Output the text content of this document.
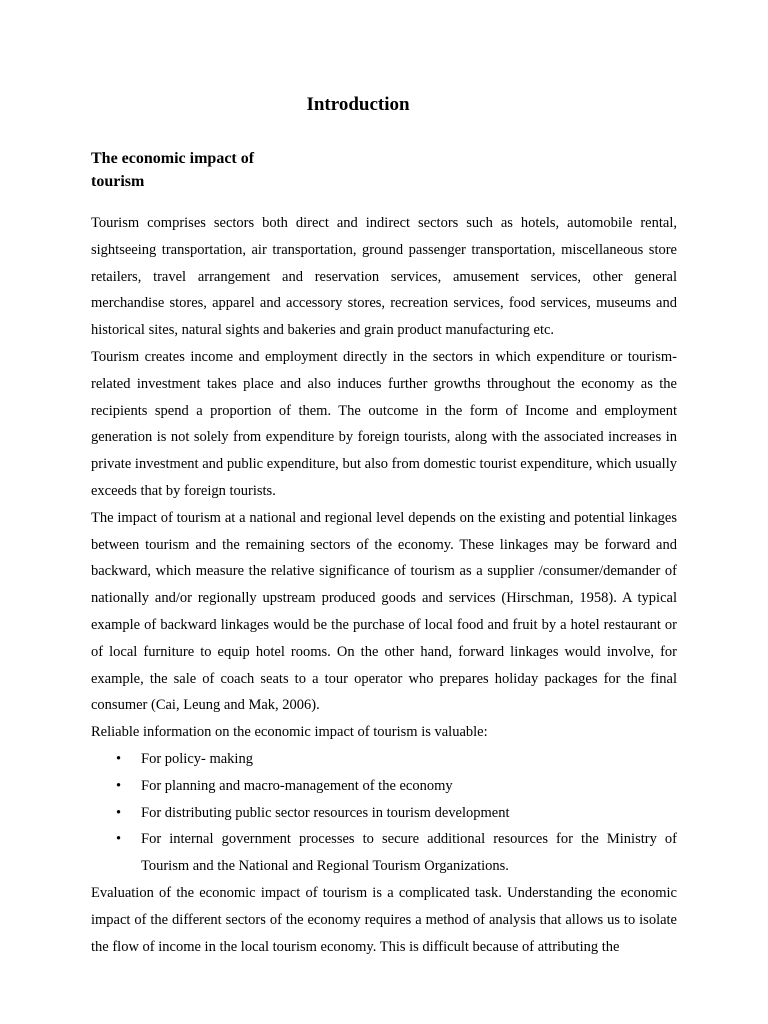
Introduction
The economic impact of tourism

Tourism comprises sectors both direct and indirect sectors such as hotels, automobile rental, sightseeing transportation, air transportation, ground passenger transportation, miscellaneous store retailers, travel arrangement and reservation services, amusement services, other general merchandise stores, apparel and accessory stores, recreation services, food services, museums and historical sites, natural sights and bakeries and grain product manufacturing etc.

Tourism creates income and employment directly in the sectors in which expenditure or tourism-related investment takes place and also induces further growths throughout the economy as the recipients spend a proportion of them. The outcome in the form of Income and employment generation is not solely from expenditure by foreign tourists, along with the associated increases in private investment and public expenditure, but also from domestic tourist expenditure, which usually exceeds that by foreign tourists.

The impact of tourism at a national and regional level depends on the existing and potential linkages between tourism and the remaining sectors of the economy. These linkages may be forward and backward, which measure the relative significance of tourism as a supplier /consumer/demander of nationally and/or regionally upstream produced goods and services (Hirschman, 1958). A typical example of backward linkages would be the purchase of local food and fruit by a hotel restaurant or of local furniture to equip hotel rooms. On the other hand, forward linkages would involve, for example, the sale of coach seats to a tour operator who prepares holiday packages for the final consumer (Cai, Leung and Mak, 2006).

Reliable information on the economic impact of tourism is valuable:

• For policy- making
• For planning and macro-management of the economy
• For distributing public sector resources in tourism development
• For internal government processes to secure additional resources for the Ministry of Tourism and the National and Regional Tourism Organizations.

Evaluation of the economic impact of tourism is a complicated task. Understanding the economic impact of the different sectors of the economy requires a method of analysis that allows us to isolate the flow of income in the local tourism economy. This is difficult because of attributing the
